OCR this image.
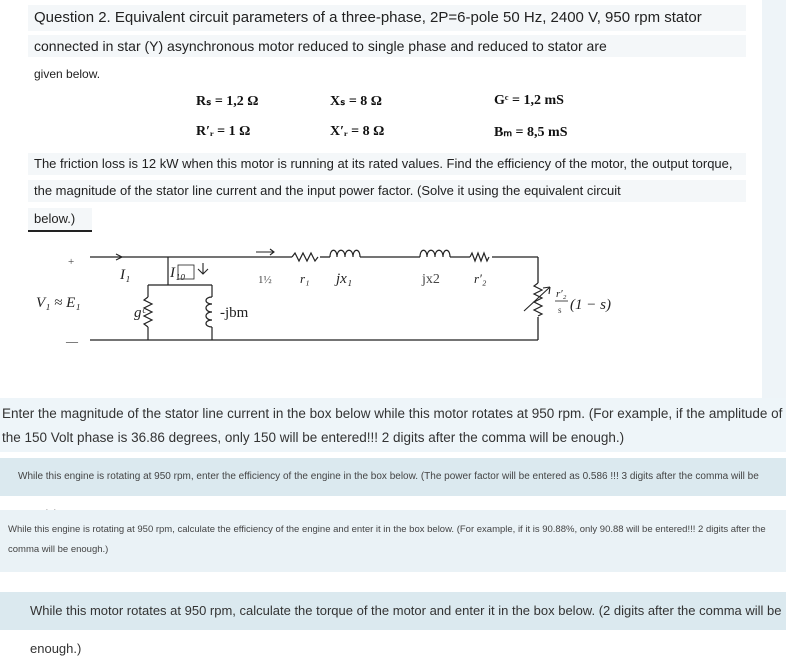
Question 2. Equivalent circuit parameters of a three-phase, 2P=6-pole 50 Hz, 2400 V, 950 rpm stator
connected in star (Y) asynchronous motor reduced to single phase and reduced to stator are
given below.
Rₛ = 1,2 Ω	Xₛ = 8 Ω	Gᶜ = 1,2 mS
R′ᵣ = 1 Ω	X′ᵣ = 8 Ω	Bₘ = 8,5 mS
The friction loss is 12 kW when this motor is running at its rated values. Find the efficiency of the motor, the output torque,
the magnitude of the stator line current and the input power factor. (Solve it using the equivalent circuit
below.)
+
—
V₁ ≈ E₁
I₁	I₁₀
gᶜ	-jbm
1½ r₁ jx₁	jx2	r′₂
r′₂
s (1 − s)
Enter the magnitude of the stator line current in the box below while this motor rotates at 950 rpm. (For example, if the amplitude of the 150 Volt phase is 36.86 degrees, only 150 will be entered!!! 2 digits after the comma will be enough.)
While this engine is rotating at 950 rpm, enter the efficiency of the engine in the box below. (The power factor will be entered as 0.586 !!! 3 digits after the comma will be
While this engine is rotating at 950 rpm, calculate the efficiency of the engine and enter it in the box below. (For example, if it is 90.88%, only 90.88 will be entered!!! 2 digits after the comma will be enough.)
While this motor rotates at 950 rpm, calculate the torque of the motor and enter it in the box below. (2 digits after the comma will be enough.)
